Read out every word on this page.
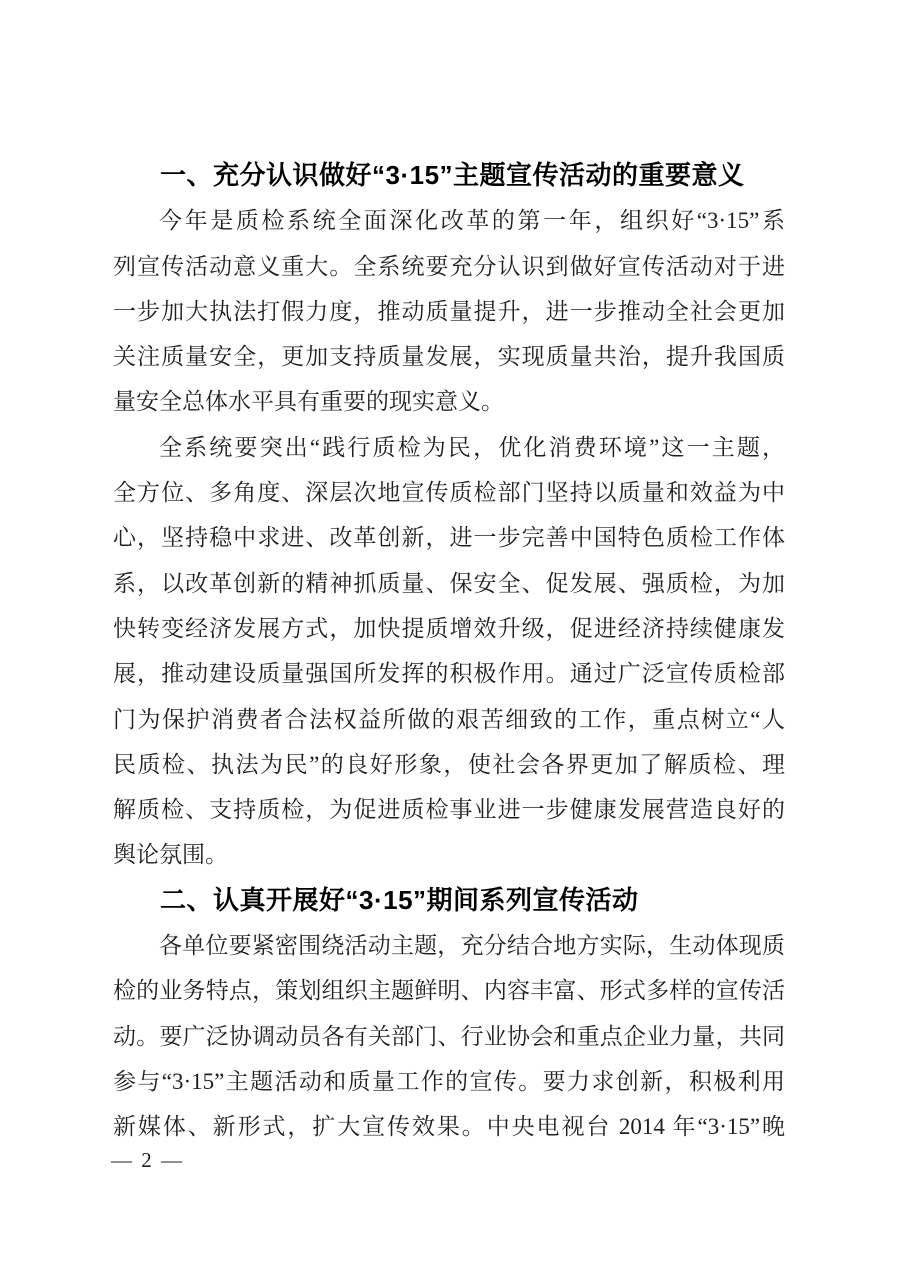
一、充分认识做好“3·15”主题宣传活动的重要意义
今年是质检系统全面深化改革的第一年，组织好“3·15”系
列宣传活动意义重大。全系统要充分认识到做好宣传活动对于进
一步加大执法打假力度，推动质量提升，进一步推动全社会更加
关注质量安全，更加支持质量发展，实现质量共治，提升我国质
量安全总体水平具有重要的现实意义。
全系统要突出“践行质检为民，优化消费环境”这一主题，
全方位、多角度、深层次地宣传质检部门坚持以质量和效益为中
心，坚持稳中求进、改革创新，进一步完善中国特色质检工作体
系，以改革创新的精神抓质量、保安全、促发展、强质检，为加
快转变经济发展方式，加快提质增效升级，促进经济持续健康发
展，推动建设质量强国所发挥的积极作用。通过广泛宣传质检部
门为保护消费者合法权益所做的艰苦细致的工作，重点树立“人
民质检、执法为民”的良好形象，使社会各界更加了解质检、理
解质检、支持质检，为促进质检事业进一步健康发展营造良好的
舆论氛围。
二、认真开展好“3·15”期间系列宣传活动
各单位要紧密围绕活动主题，充分结合地方实际，生动体现质
检的业务特点，策划组织主题鲜明、内容丰富、形式多样的宣传活
动。要广泛协调动员各有关部门、行业协会和重点企业力量，共同
参与“3·15”主题活动和质量工作的宣传。要力求创新，积极利用
新媒体、新形式，扩大宣传效果。中央电视台 2014 年“3·15”晚
— 2 —
